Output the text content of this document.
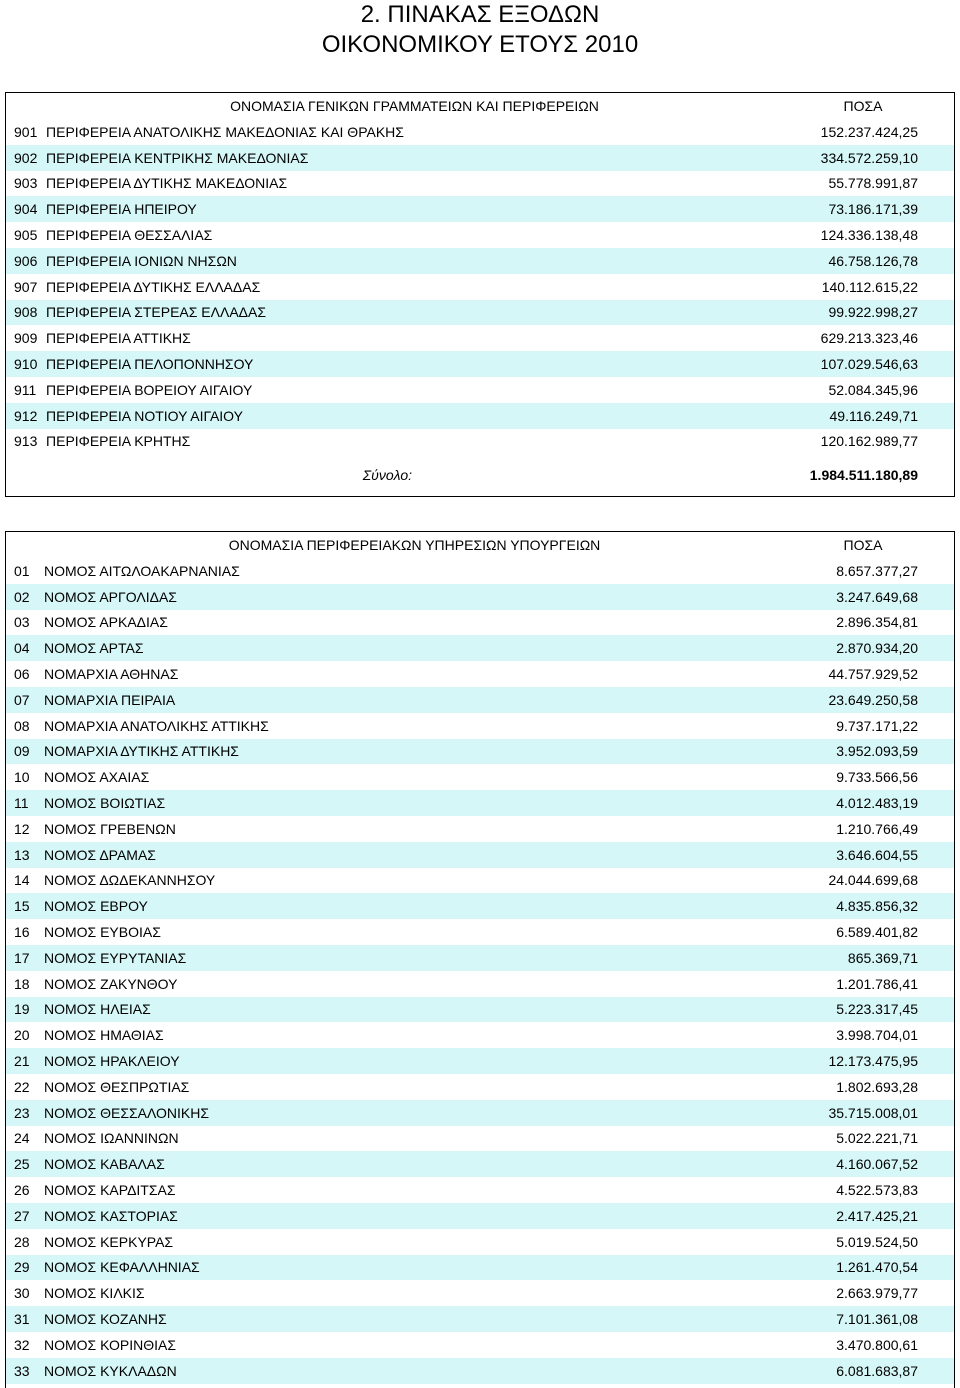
2. ΠΙΝΑΚΑΣ ΕΞΟΔΩΝ
ΟΙΚΟΝΟΜΙΚΟΥ ΕΤΟΥΣ 2010
ΟΝΟΜΑΣΙΑ ΓΕΝΙΚΩΝ ΓΡΑΜΜΑΤΕΙΩΝ ΚΑΙ ΠΕΡΙΦΕΡΕΙΩΝ	ΠΟΣΑ
901 ΠΕΡΙΦΕΡΕΙΑ ΑΝΑΤΟΛΙΚΗΣ ΜΑΚΕΔΟΝΙΑΣ ΚΑΙ ΘΡΑΚΗΣ	152.237.424,25
902 ΠΕΡΙΦΕΡΕΙΑ ΚΕΝΤΡΙΚΗΣ ΜΑΚΕΔΟΝΙΑΣ	334.572.259,10
903 ΠΕΡΙΦΕΡΕΙΑ ΔΥΤΙΚΗΣ ΜΑΚΕΔΟΝΙΑΣ	55.778.991,87
904 ΠΕΡΙΦΕΡΕΙΑ ΗΠΕΙΡΟΥ	73.186.171,39
905 ΠΕΡΙΦΕΡΕΙΑ ΘΕΣΣΑΛΙΑΣ	124.336.138,48
906 ΠΕΡΙΦΕΡΕΙΑ ΙΟΝΙΩΝ ΝΗΣΩΝ	46.758.126,78
907 ΠΕΡΙΦΕΡΕΙΑ ΔΥΤΙΚΗΣ ΕΛΛΑΔΑΣ	140.112.615,22
908 ΠΕΡΙΦΕΡΕΙΑ ΣΤΕΡΕΑΣ ΕΛΛΑΔΑΣ	99.922.998,27
909 ΠΕΡΙΦΕΡΕΙΑ ΑΤΤΙΚΗΣ	629.213.323,46
910 ΠΕΡΙΦΕΡΕΙΑ ΠΕΛΟΠΟΝΝΗΣΟΥ	107.029.546,63
911 ΠΕΡΙΦΕΡΕΙΑ ΒΟΡΕΙΟΥ ΑΙΓΑΙΟΥ	52.084.345,96
912 ΠΕΡΙΦΕΡΕΙΑ ΝΟΤΙΟΥ ΑΙΓΑΙΟΥ	49.116.249,71
913 ΠΕΡΙΦΕΡΕΙΑ ΚΡΗΤΗΣ	120.162.989,77
Σύνολο:	1.984.511.180,89
ΟΝΟΜΑΣΙΑ ΠΕΡΙΦΕΡΕΙΑΚΩΝ ΥΠΗΡΕΣΙΩΝ ΥΠΟΥΡΓΕΙΩΝ	ΠΟΣΑ
01	ΝΟΜΟΣ ΑΙΤΩΛΟΑΚΑΡΝΑΝΙΑΣ	8.657.377,27
02	ΝΟΜΟΣ ΑΡΓΟΛΙΔΑΣ	3.247.649,68
03	ΝΟΜΟΣ ΑΡΚΑΔΙΑΣ	2.896.354,81
04	ΝΟΜΟΣ ΑΡΤΑΣ	2.870.934,20
06	ΝΟΜΑΡΧΙΑ ΑΘΗΝΑΣ	44.757.929,52
07	ΝΟΜΑΡΧΙΑ ΠΕΙΡΑΙΑ	23.649.250,58
08	ΝΟΜΑΡΧΙΑ ΑΝΑΤΟΛΙΚΗΣ ΑΤΤΙΚΗΣ	9.737.171,22
09	ΝΟΜΑΡΧΙΑ ΔΥΤΙΚΗΣ ΑΤΤΙΚΗΣ	3.952.093,59
10	ΝΟΜΟΣ ΑΧΑΙΑΣ	9.733.566,56
11	ΝΟΜΟΣ ΒΟΙΩΤΙΑΣ	4.012.483,19
12	ΝΟΜΟΣ ΓΡΕΒΕΝΩΝ	1.210.766,49
13	ΝΟΜΟΣ ΔΡΑΜΑΣ	3.646.604,55
14	ΝΟΜΟΣ ΔΩΔΕΚΑΝΝΗΣΟΥ	24.044.699,68
15	ΝΟΜΟΣ ΕΒΡΟΥ	4.835.856,32
16	ΝΟΜΟΣ ΕΥΒΟΙΑΣ	6.589.401,82
17	ΝΟΜΟΣ ΕΥΡΥΤΑΝΙΑΣ	865.369,71
18	ΝΟΜΟΣ ΖΑΚΥΝΘΟΥ	1.201.786,41
19	ΝΟΜΟΣ ΗΛΕΙΑΣ	5.223.317,45
20	ΝΟΜΟΣ ΗΜΑΘΙΑΣ	3.998.704,01
21	ΝΟΜΟΣ ΗΡΑΚΛΕΙΟΥ	12.173.475,95
22	ΝΟΜΟΣ ΘΕΣΠΡΩΤΙΑΣ	1.802.693,28
23	ΝΟΜΟΣ ΘΕΣΣΑΛΟΝΙΚΗΣ	35.715.008,01
24	ΝΟΜΟΣ ΙΩΑΝΝΙΝΩΝ	5.022.221,71
25	ΝΟΜΟΣ ΚΑΒΑΛΑΣ	4.160.067,52
26	ΝΟΜΟΣ ΚΑΡΔΙΤΣΑΣ	4.522.573,83
27	ΝΟΜΟΣ ΚΑΣΤΟΡΙΑΣ	2.417.425,21
28	ΝΟΜΟΣ ΚΕΡΚΥΡΑΣ	5.019.524,50
29	ΝΟΜΟΣ ΚΕΦΑΛΛΗΝΙΑΣ	1.261.470,54
30	ΝΟΜΟΣ ΚΙΛΚΙΣ	2.663.979,77
31	ΝΟΜΟΣ ΚΟΖΑΝΗΣ	7.101.361,08
32	ΝΟΜΟΣ ΚΟΡΙΝΘΙΑΣ	3.470.800,61
33	ΝΟΜΟΣ ΚΥΚΛΑΔΩΝ	6.081.683,87
